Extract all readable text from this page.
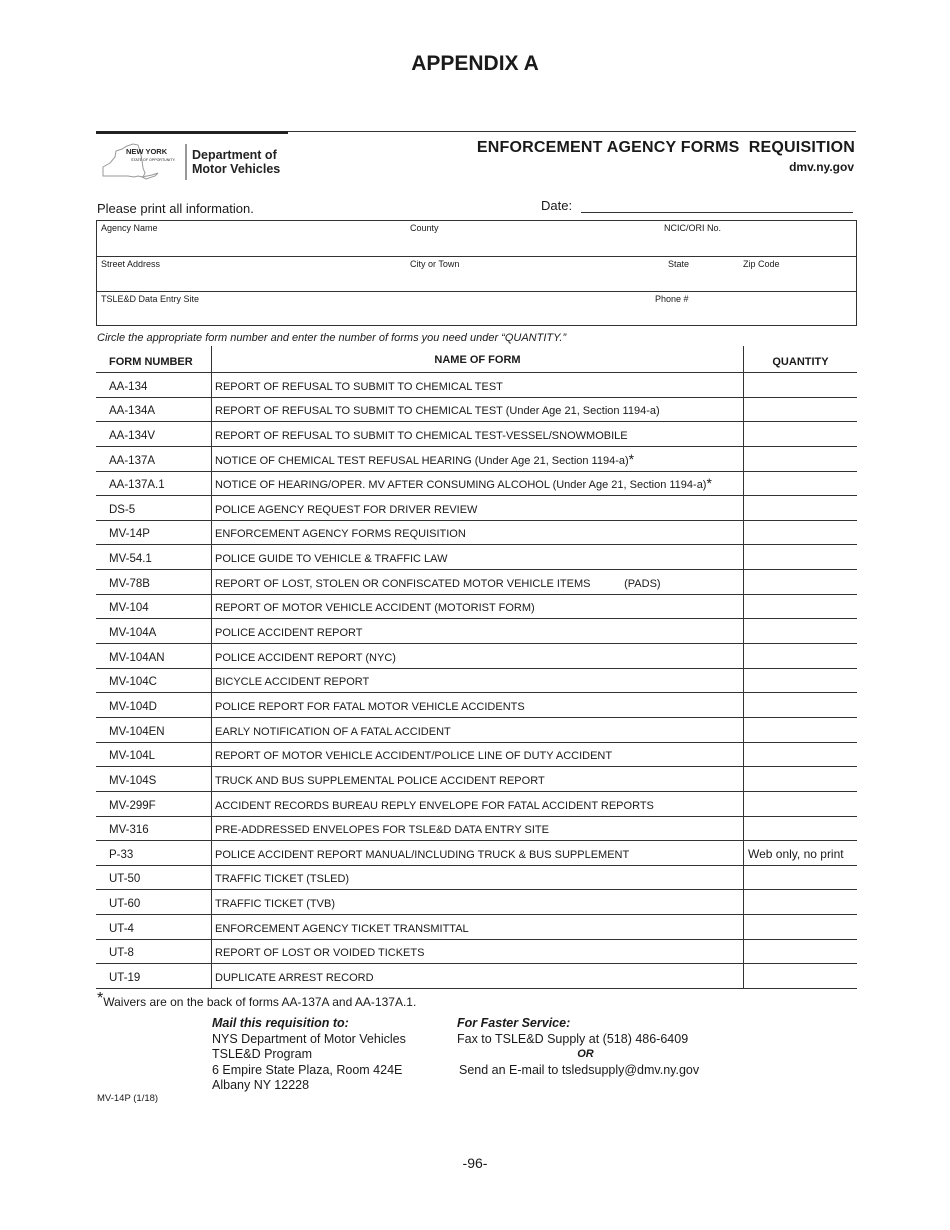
APPENDIX A
NEW YORK
STATE OF OPPORTUNITY. Department of
Motor Vehicles
ENFORCEMENT AGENCY FORMS  REQUISITION
dmv.ny.gov
Please print all information.	Date:
Agency Name	County	NCIC/ORI No.
Street Address	City or Town	State	Zip Code
TSLE&D Data Entry Site	Phone #
Circle the appropriate form number and enter the number of forms you need under “QUANTITY.”
FORM NUMBER	NAME OF FORM	QUANTITY
AA-134	REPORT OF REFUSAL TO SUBMIT TO CHEMICAL TEST
AA-134A	REPORT OF REFUSAL TO SUBMIT TO CHEMICAL TEST (Under Age 21, Section 1194-a)
AA-134V	REPORT OF REFUSAL TO SUBMIT TO CHEMICAL TEST-VESSEL/SNOWMOBILE
AA-137A	NOTICE OF CHEMICAL TEST REFUSAL HEARING (Under Age 21, Section 1194-a) *
AA-137A.1	NOTICE OF HEARING/OPER. MV AFTER CONSUMING ALCOHOL (Under Age 21, Section 1194-a) *
DS-5	POLICE AGENCY REQUEST FOR DRIVER REVIEW
MV-14P	ENFORCEMENT AGENCY FORMS REQUISITION
MV-54.1	POLICE GUIDE TO VEHICLE & TRAFFIC LAW
MV-78B	REPORT OF LOST, STOLEN OR CONFISCATED MOTOR VEHICLE ITEMS           (PADS)
MV-104	REPORT OF MOTOR VEHICLE ACCIDENT (MOTORIST FORM)
MV-104A	POLICE ACCIDENT REPORT
MV-104AN	POLICE ACCIDENT REPORT (NYC)
MV-104C	BICYCLE ACCIDENT REPORT
MV-104D	POLICE REPORT FOR FATAL MOTOR VEHICLE ACCIDENTS
MV-104EN	EARLY NOTIFICATION OF A FATAL ACCIDENT
MV-104L	REPORT OF MOTOR VEHICLE ACCIDENT/POLICE LINE OF DUTY ACCIDENT
MV-104S	TRUCK AND BUS SUPPLEMENTAL POLICE ACCIDENT REPORT
MV-299F	ACCIDENT RECORDS BUREAU REPLY ENVELOPE FOR FATAL ACCIDENT REPORTS
MV-316	PRE-ADDRESSED ENVELOPES FOR TSLE&D DATA ENTRY SITE
P-33	POLICE ACCIDENT REPORT MANUAL/INCLUDING TRUCK & BUS SUPPLEMENT	Web only, no print
UT-50	TRAFFIC TICKET (TSLED)
UT-60	TRAFFIC TICKET (TVB)
UT-4	ENFORCEMENT AGENCY TICKET TRANSMITTAL
UT-8	REPORT OF LOST OR VOIDED TICKETS
UT-19	DUPLICATE ARREST RECORD
*Waivers are on the back of forms AA-137A and AA-137A.1.
Mail this requisition to:
NYS Department of Motor Vehicles
TSLE&D Program
6 Empire State Plaza, Room 424E
Albany NY 12228
For Faster Service:
Fax to TSLE&D Supply at (518) 486-6409
OR
Send an E-mail to tsledsupply@dmv.ny.gov
MV-14P (1/18)
-96-
